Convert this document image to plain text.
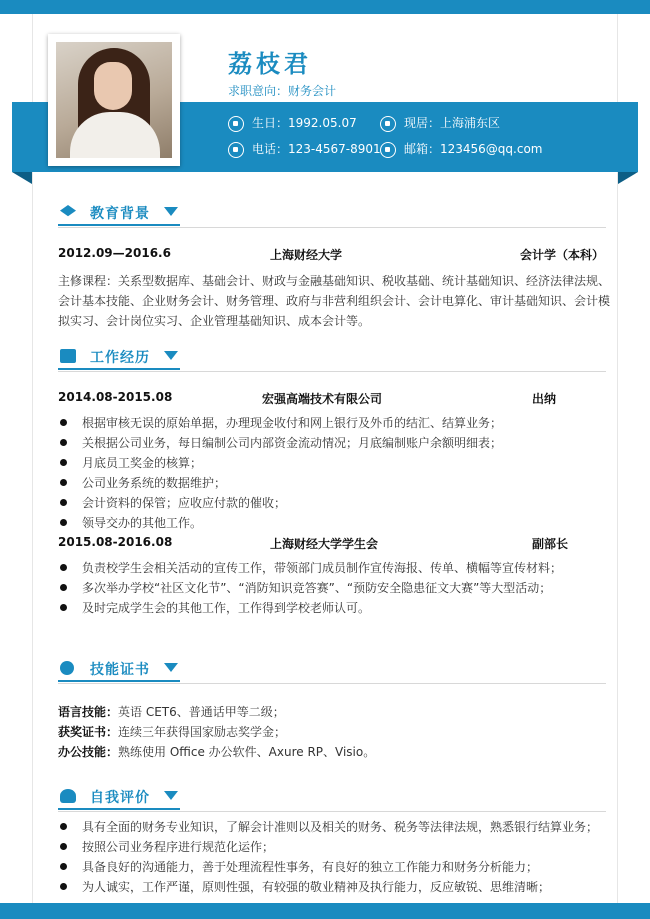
荔枝君
求职意向：财务会计
生日：1992.05.07	现居：上海浦东区
电话：123-4567-8901	邮箱：123456@qq.com
教育背景
2012.09—2016.6	上海财经大学	会计学（本科）
主修课程：关系型数据库、基础会计、财政与金融基础知识、税收基础、统计基础知识、经济法律法规、会计基本技能、企业财务会计、财务管理、政府与非营利组织会计、会计电算化、审计基础知识、会计模拟实习、会计岗位实习、企业管理基础知识、成本会计等。
工作经历
2014.08-2015.08	宏强高端技术有限公司	出纳
根据审核无误的原始单据，办理现金收付和网上银行及外币的结汇、结算业务；
关根据公司业务，每日编制公司内部资金流动情况；月底编制账户余额明细表；
月底员工奖金的核算；
公司业务系统的数据维护；
会计资料的保管；应收应付款的催收；
领导交办的其他工作。
2015.08-2016.08	上海财经大学学生会	副部长
负责校学生会相关活动的宣传工作，带领部门成员制作宣传海报、传单、横幅等宣传材料；
多次举办学校“社区文化节”、“消防知识竞答赛”、“预防安全隐患征文大赛”等大型活动；
及时完成学生会的其他工作，工作得到学校老师认可。
技能证书
语言技能：英语 CET6、普通话甲等二级；
获奖证书：连续三年获得国家励志奖学金；
办公技能：熟练使用 Office 办公软件、Axure RP、Visio。
自我评价
具有全面的财务专业知识，了解会计准则以及相关的财务、税务等法律法规，熟悉银行结算业务；
按照公司业务程序进行规范化运作；
具备良好的沟通能力，善于处理流程性事务，有良好的独立工作能力和财务分析能力；
为人诚实，工作严谨，原则性强，有较强的敬业精神及执行能力，反应敏锐、思维清晰；
